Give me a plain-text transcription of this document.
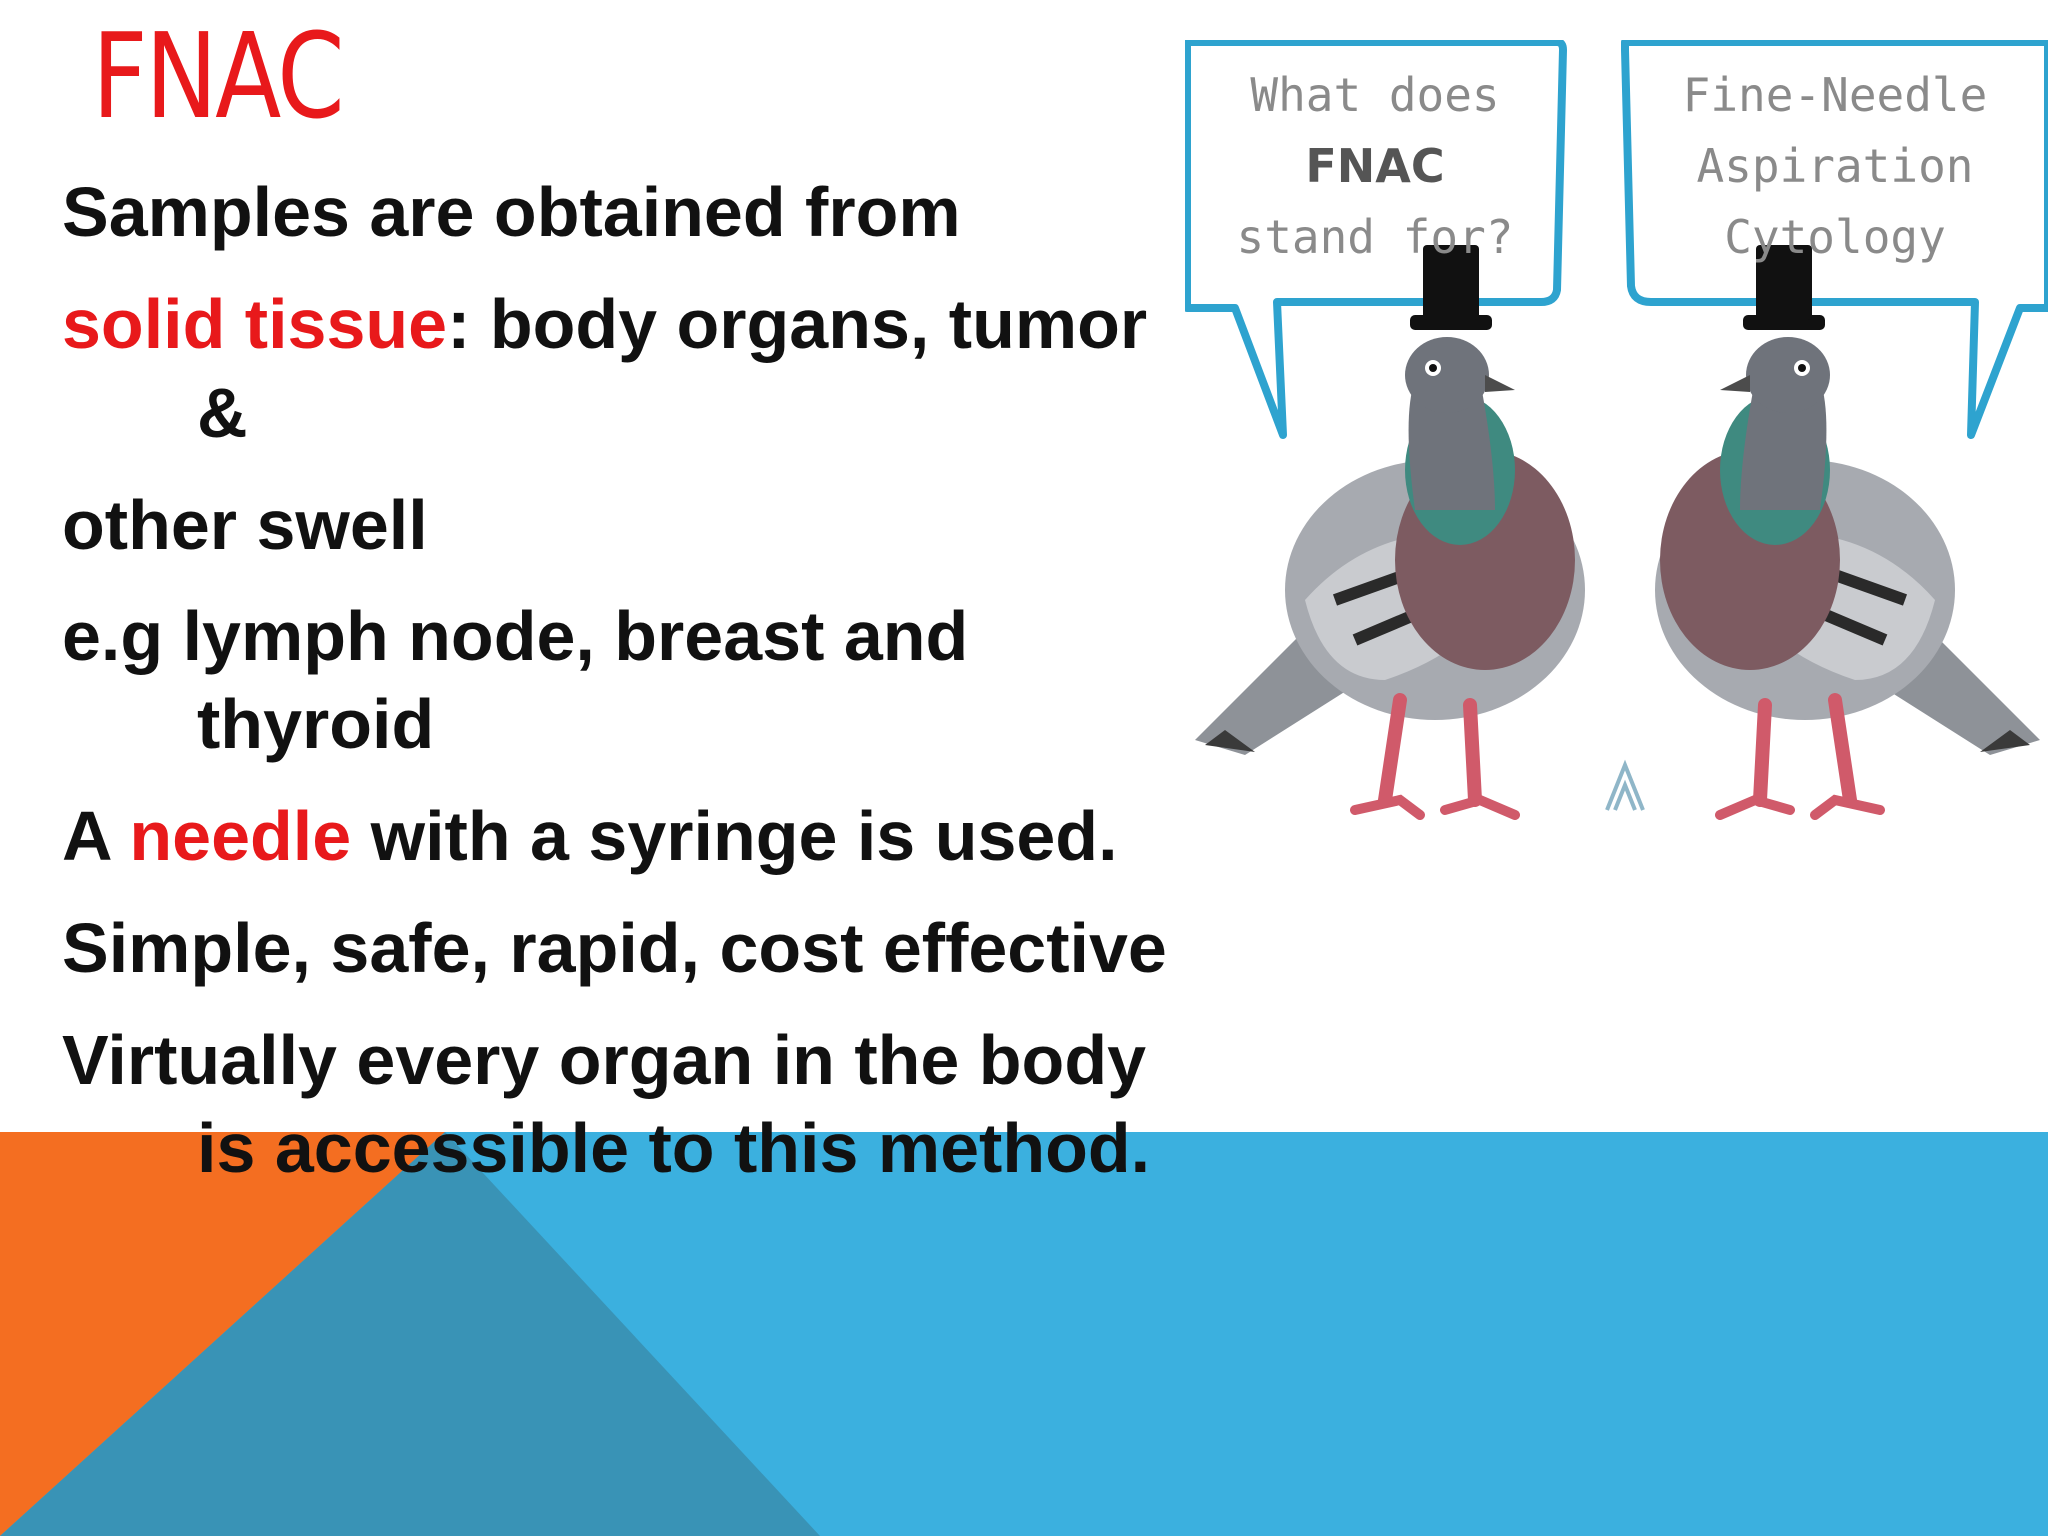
FNAC
Samples are obtained from
solid tissue: body organs, tumor
&
other swell
e.g lymph node, breast and
thyroid
A needle with a syringe is used.
Simple, safe, rapid, cost effective
Virtually every organ in the body
is accessible to this method.
What does
FNAC
stand for?
Fine-Needle
Aspiration
Cytology
